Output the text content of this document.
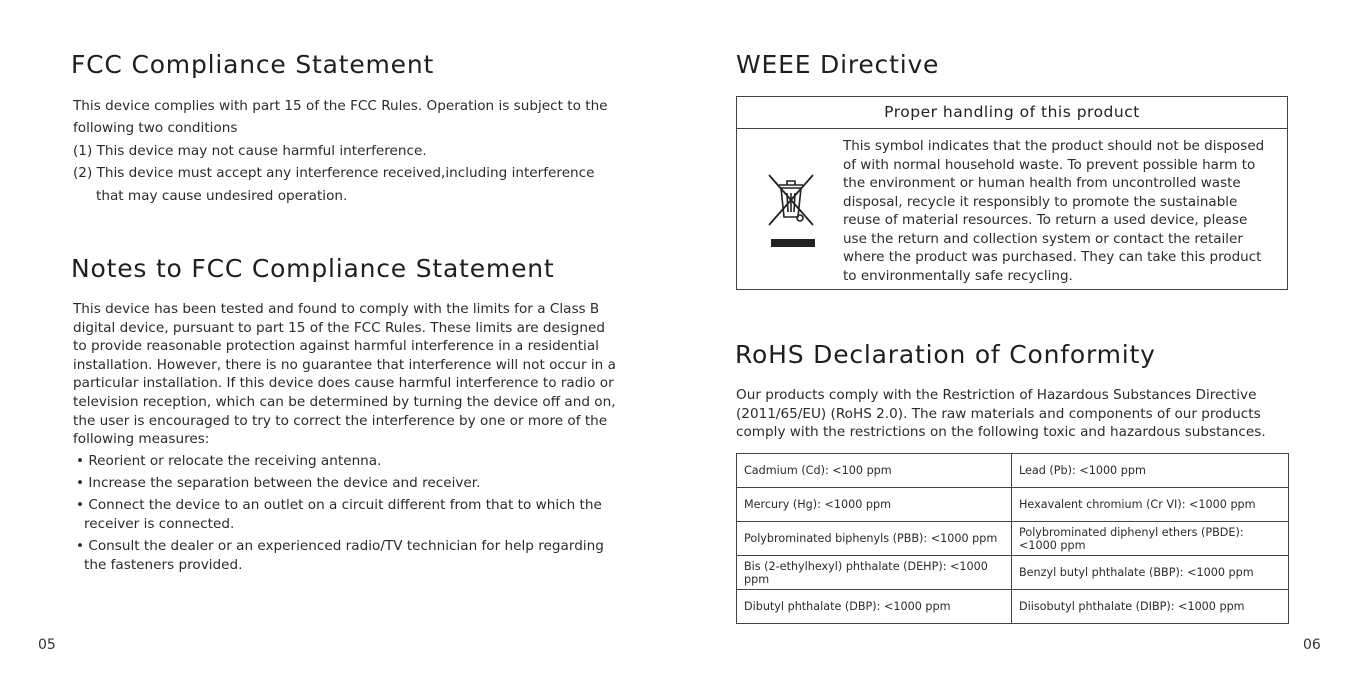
FCC Compliance Statement
This device complies with part 15 of the FCC Rules. Operation is subject to the
following two conditions
(1) This device may not cause harmful interference.
(2) This device must accept any interference received,including interference
that may cause undesired operation.
Notes to FCC Compliance Statement
This device has been tested and found to comply with the limits for a Class B
digital device, pursuant to part 15 of the FCC Rules. These limits are designed
to provide reasonable protection against harmful interference in a residential
installation. However, there is no guarantee that interference will not occur in a
particular installation. If this device does cause harmful interference to radio or
television reception, which can be determined by turning the device off and on,
the user is encouraged to try to correct the interference by one or more of the
following measures:
• Reorient or relocate the receiving antenna.
• Increase the separation between the device and receiver.
• Connect the device to an outlet on a circuit different from that to which the
receiver is connected.
• Consult the dealer or an experienced radio/TV technician for help regarding
the fasteners provided.
05
WEEE Directive
Proper handling of this product
This symbol indicates that the product should not be disposed
of with normal household waste. To prevent possible harm to
the environment or human health from uncontrolled waste
disposal, recycle it responsibly to promote the sustainable
reuse of material resources. To return a used device, please
use the return and collection system or contact the retailer
where the product was purchased. They can take this product
to environmentally safe recycling.
RoHS Declaration of Conformity
Our products comply with the Restriction of Hazardous Substances Directive
(2011/65/EU) (RoHS 2.0). The raw materials and components of our products
comply with the restrictions on the following toxic and hazardous substances.
Cadmium (Cd): <100 ppm	Lead (Pb): <1000 ppm
Mercury (Hg): <1000 ppm	Hexavalent chromium (Cr VI): <1000 ppm
Polybrominated biphenyls (PBB): <1000 ppm	Polybrominated diphenyl ethers (PBDE):
<1000 ppm
Bis (2-ethylhexyl) phthalate (DEHP): <1000 ppm	Benzyl butyl phthalate (BBP): <1000 ppm
Dibutyl phthalate (DBP): <1000 ppm	Diisobutyl phthalate (DIBP): <1000 ppm
06
